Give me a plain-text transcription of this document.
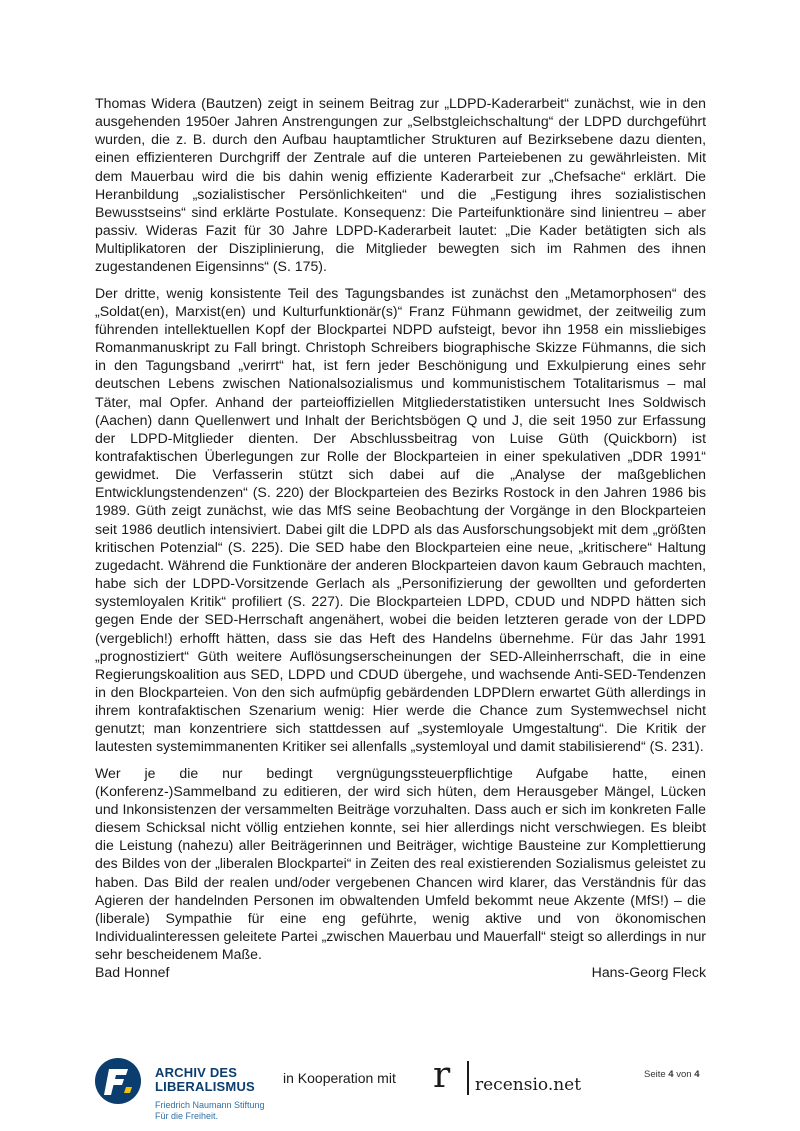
Thomas Widera (Bautzen) zeigt in seinem Beitrag zur „LDPD-Kaderarbeit“ zunächst, wie in den ausgehenden 1950er Jahren Anstrengungen zur „Selbstgleichschaltung“ der LDPD durchgeführt wurden, die z. B. durch den Aufbau hauptamtlicher Strukturen auf Bezirksebene dazu dienten, einen effizienteren Durchgriff der Zentrale auf die unteren Parteiebenen zu gewährleisten. Mit dem Mauerbau wird die bis dahin wenig effiziente Kaderarbeit zur „Chefsache“ erklärt. Die Heranbildung „sozialistischer Persönlichkeiten“ und die „Festigung ihres sozialistischen Bewusstseins“ sind erklärte Postulate. Konsequenz: Die Parteifunktionäre sind linientreu – aber passiv. Wideras Fazit für 30 Jahre LDPD-Kaderarbeit lautet: „Die Kader betätigten sich als Multiplikatoren der Disziplinierung, die Mitglieder bewegten sich im Rahmen des ihnen zugestandenen Eigensinns“ (S. 175).

Der dritte, wenig konsistente Teil des Tagungsbandes ist zunächst den „Metamorphosen“ des „Soldat(en), Marxist(en) und Kulturfunktionär(s)“ Franz Fühmann gewidmet, der zeitweilig zum führenden intellektuellen Kopf der Blockpartei NDPD aufsteigt, bevor ihn 1958 ein missliebiges Romanmanuskript zu Fall bringt. Christoph Schreibers biographische Skizze Fühmanns, die sich in den Tagungsband „verirrt“ hat, ist fern jeder Beschönigung und Exkulpierung eines sehr deutschen Lebens zwischen Nationalsozialismus und kommunistischem Totalitarismus – mal Täter, mal Opfer. Anhand der parteioffiziellen Mitgliederstatistiken untersucht Ines Soldwisch (Aachen) dann Quellenwert und Inhalt der Berichtsbögen Q und J, die seit 1950 zur Erfassung der LDPD-Mitglieder dienten. Der Abschlussbeitrag von Luise Güth (Quickborn) ist kontrafaktischen Überlegungen zur Rolle der Blockparteien in einer spekulativen „DDR 1991“ gewidmet. Die Verfasserin stützt sich dabei auf die „Analyse der maßgeblichen Entwicklungstendenzen“ (S. 220) der Blockparteien des Bezirks Rostock in den Jahren 1986 bis 1989. Güth zeigt zunächst, wie das MfS seine Beobachtung der Vorgänge in den Blockparteien seit 1986 deutlich intensiviert. Dabei gilt die LDPD als das Ausforschungsobjekt mit dem „größten kritischen Potenzial“ (S. 225). Die SED habe den Blockparteien eine neue, „kritischere“ Haltung zugedacht. Während die Funktionäre der anderen Blockparteien davon kaum Gebrauch machten, habe sich der LDPD-Vorsitzende Gerlach als „Personifizierung der gewollten und geforderten systemloyalen Kritik“ profiliert (S. 227). Die Blockparteien LDPD, CDUD und NDPD hätten sich gegen Ende der SED-Herrschaft angenähert, wobei die beiden letzteren gerade von der LDPD (vergeblich!) erhofft hätten, dass sie das Heft des Handelns übernehme. Für das Jahr 1991 „prognostiziert“ Güth weitere Auflösungserscheinungen der SED-Alleinherrschaft, die in eine Regierungskoalition aus SED, LDPD und CDUD übergehe, und wachsende Anti-SED-Tendenzen in den Blockparteien. Von den sich aufmüpfig gebärdenden LDPDlern erwartet Güth allerdings in ihrem kontrafaktischen Szenarium wenig: Hier werde die Chance zum Systemwechsel nicht genutzt; man konzentriere sich stattdessen auf „systemloyale Umgestaltung“. Die Kritik der lautesten systemimmanenten Kritiker sei allenfalls „systemloyal und damit stabilisierend“ (S. 231).

Wer je die nur bedingt vergnügungssteuerpflichtige Aufgabe hatte, einen (Konferenz-)Sammelband zu editieren, der wird sich hüten, dem Herausgeber Mängel, Lücken und Inkonsistenzen der versammelten Beiträge vorzuhalten. Dass auch er sich im konkreten Falle diesem Schicksal nicht völlig entziehen konnte, sei hier allerdings nicht verschwiegen. Es bleibt die Leistung (nahezu) aller Beiträgerinnen und Beiträger, wichtige Bausteine zur Komplettierung des Bildes von der „liberalen Blockpartei“ in Zeiten des real existierenden Sozialismus geleistet zu haben. Das Bild der realen und/oder vergebenen Chancen wird klarer, das Verständnis für das Agieren der handelnden Personen im obwaltenden Umfeld bekommt neue Akzente (MfS!) – die (liberale) Sympathie für eine eng geführte, wenig aktive und von ökonomischen Individualinteressen geleitete Partei „zwischen Mauerbau und Mauerfall“ steigt so allerdings in nur sehr bescheidenem Maße.

Bad Honnef	Hans-Georg Fleck
ARCHIV DES
LIBERALISMUS
Friedrich Naumann Stiftung
Für die Freiheit.
in Kooperation mit r recensio.net
Seite 4 von 4
